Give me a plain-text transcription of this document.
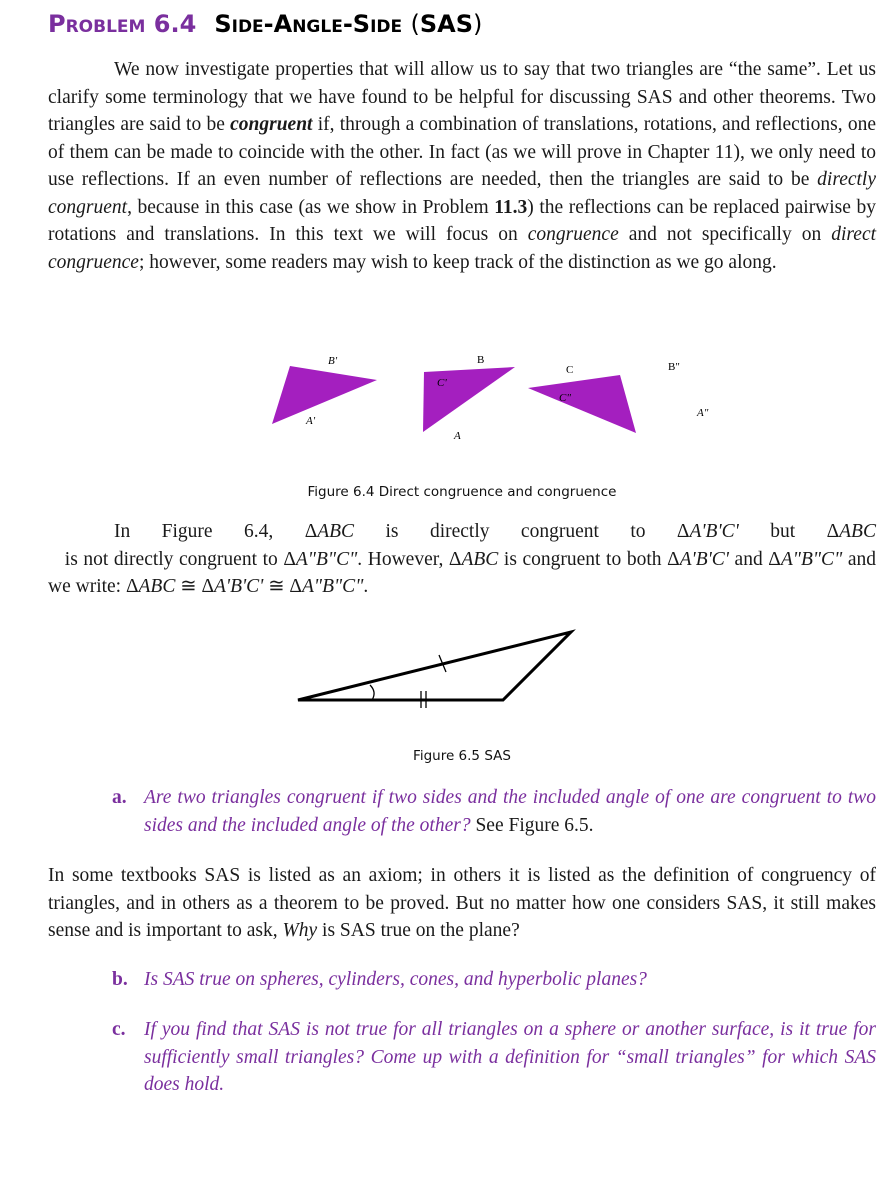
Problem 6.4 Side-Angle-Side (SAS)

We now investigate properties that will allow us to say that two triangles are “the same”. Let us clarify some terminology that we have found to be helpful for discussing SAS and other theorems. Two triangles are said to be congruent if, through a combination of translations, rotations, and reflections, one of them can be made to coincide with the other. In fact (as we will prove in Chapter 11), we only need to use reflections. If an even number of reflections are needed, then the triangles are said to be directly congruent, because in this case (as we show in Problem 11.3) the reflections can be replaced pairwise by rotations and translations. In this text we will focus on congruence and not specifically on direct congruence; however, some readers may wish to keep track of the distinction as we go along.

B'
C'
A'
B
A
C
C"
B"
A"
Figure 6.4 Direct congruence and congruence

In Figure 6.4, ΔABC is directly congruent to ΔA'B'C' but ΔABC   is not directly congruent to ΔA"B"C". However, ΔABC is congruent to both ΔA'B'C' and ΔA"B"C" and we write: ΔABC ≅ ΔA'B'C' ≅ ΔA"B"C".

Figure 6.5 SAS
a. Are two triangles congruent if two sides and the included angle of one are congruent to two sides and the included angle of the other? See Figure 6.5.

In some textbooks SAS is listed as an axiom; in others it is listed as the definition of congruency of triangles, and in others as a theorem to be proved. But no matter how one considers SAS, it still makes sense and is important to ask, Why is SAS true on the plane?

b. Is SAS true on spheres, cylinders, cones, and hyperbolic planes?
c. If you find that SAS is not true for all triangles on a sphere or another surface, is it true for sufficiently small triangles? Come up with a definition for “small triangles” for which SAS does hold.
